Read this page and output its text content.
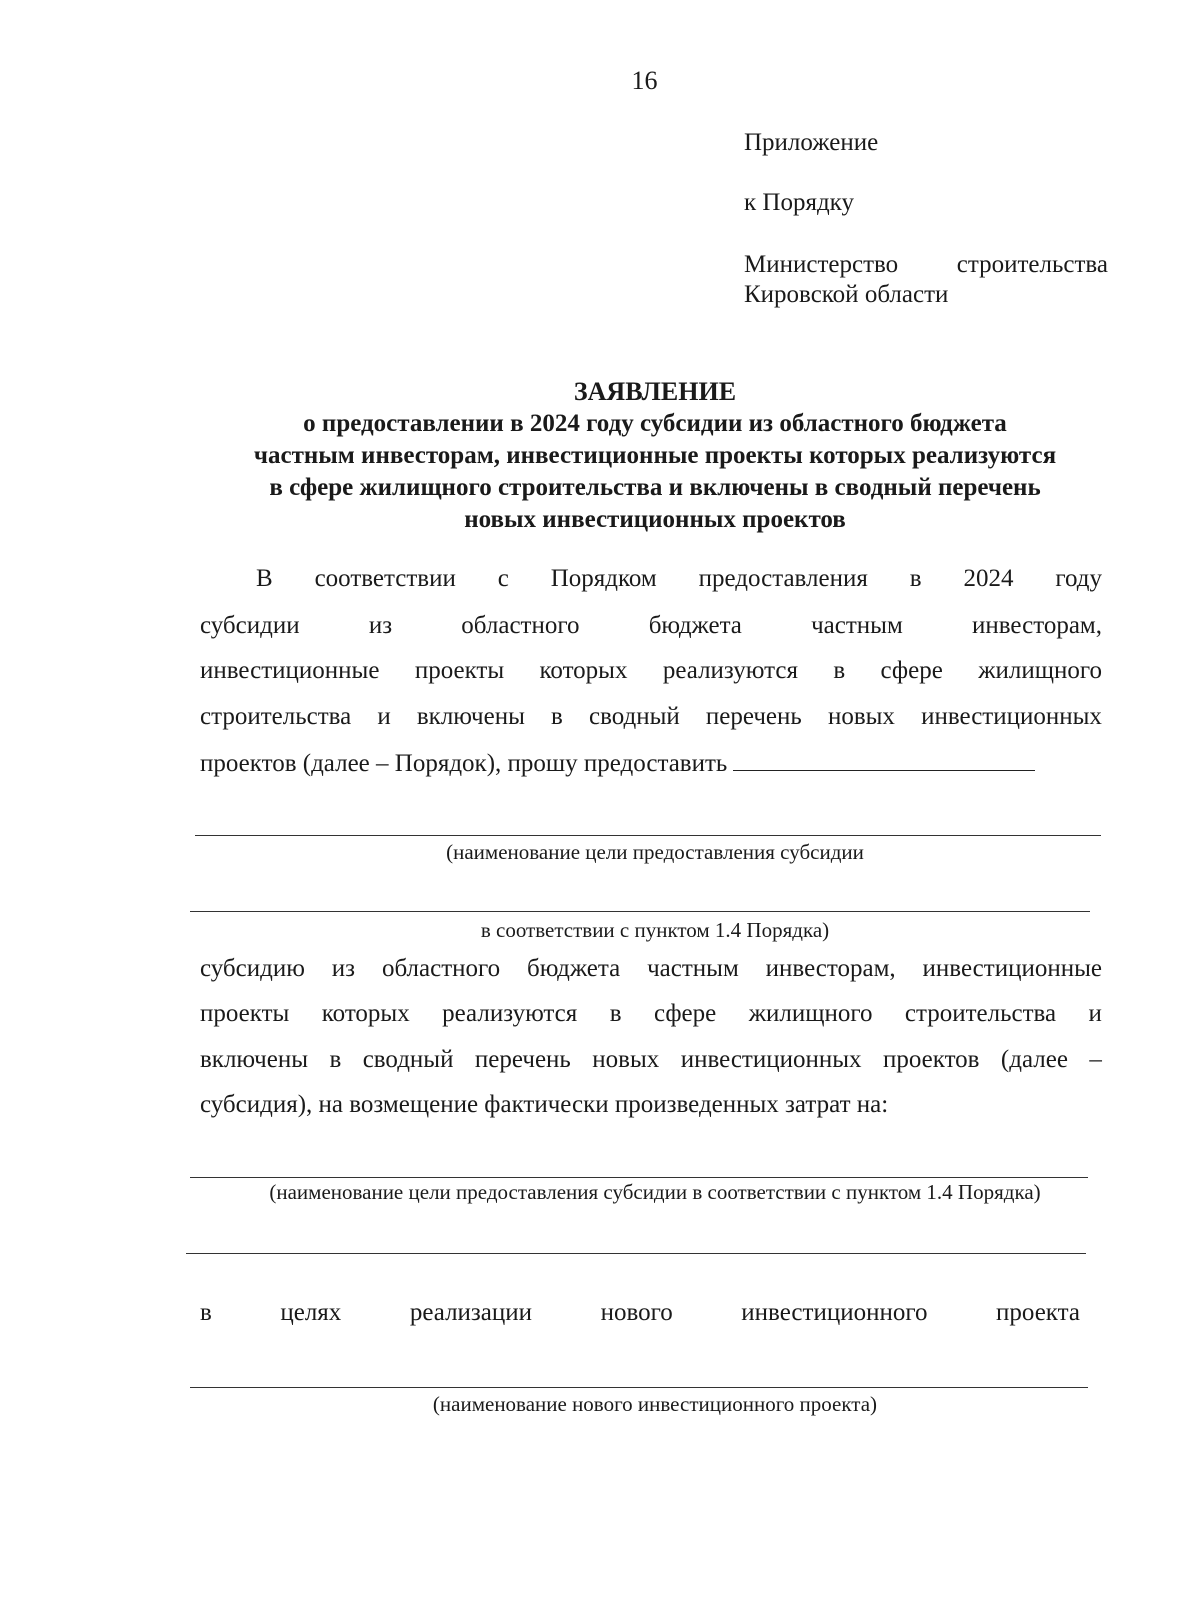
16
Приложение
к Порядку
Министерство строительства
Кировской области
ЗАЯВЛЕНИЕ
о предоставлении в 2024 году субсидии из областного бюджета
частным инвесторам, инвестиционные проекты которых реализуются
в сфере жилищного строительства и включены в сводный перечень
новых инвестиционных проектов
В соответствии с Порядком предоставления в 2024 году
субсидии	из	областного	бюджета	частным	инвесторам,
инвестиционные проекты которых реализуются в сфере жилищного
строительства и включены в сводный перечень новых инвестиционных
проектов (далее – Порядок), прошу предоставить
(наименование цели предоставления субсидии
в соответствии с пунктом 1.4 Порядка)
субсидию из областного бюджета частным инвесторам, инвестиционные
проекты которых реализуются в сфере жилищного строительства и
включены в сводный перечень новых инвестиционных проектов (далее –
субсидия), на возмещение фактически произведенных затрат на:
(наименование цели предоставления субсидии в соответствии с пунктом 1.4 Порядка)
в	целях	реализации	нового	инвестиционного	проекта
(наименование нового инвестиционного проекта)
